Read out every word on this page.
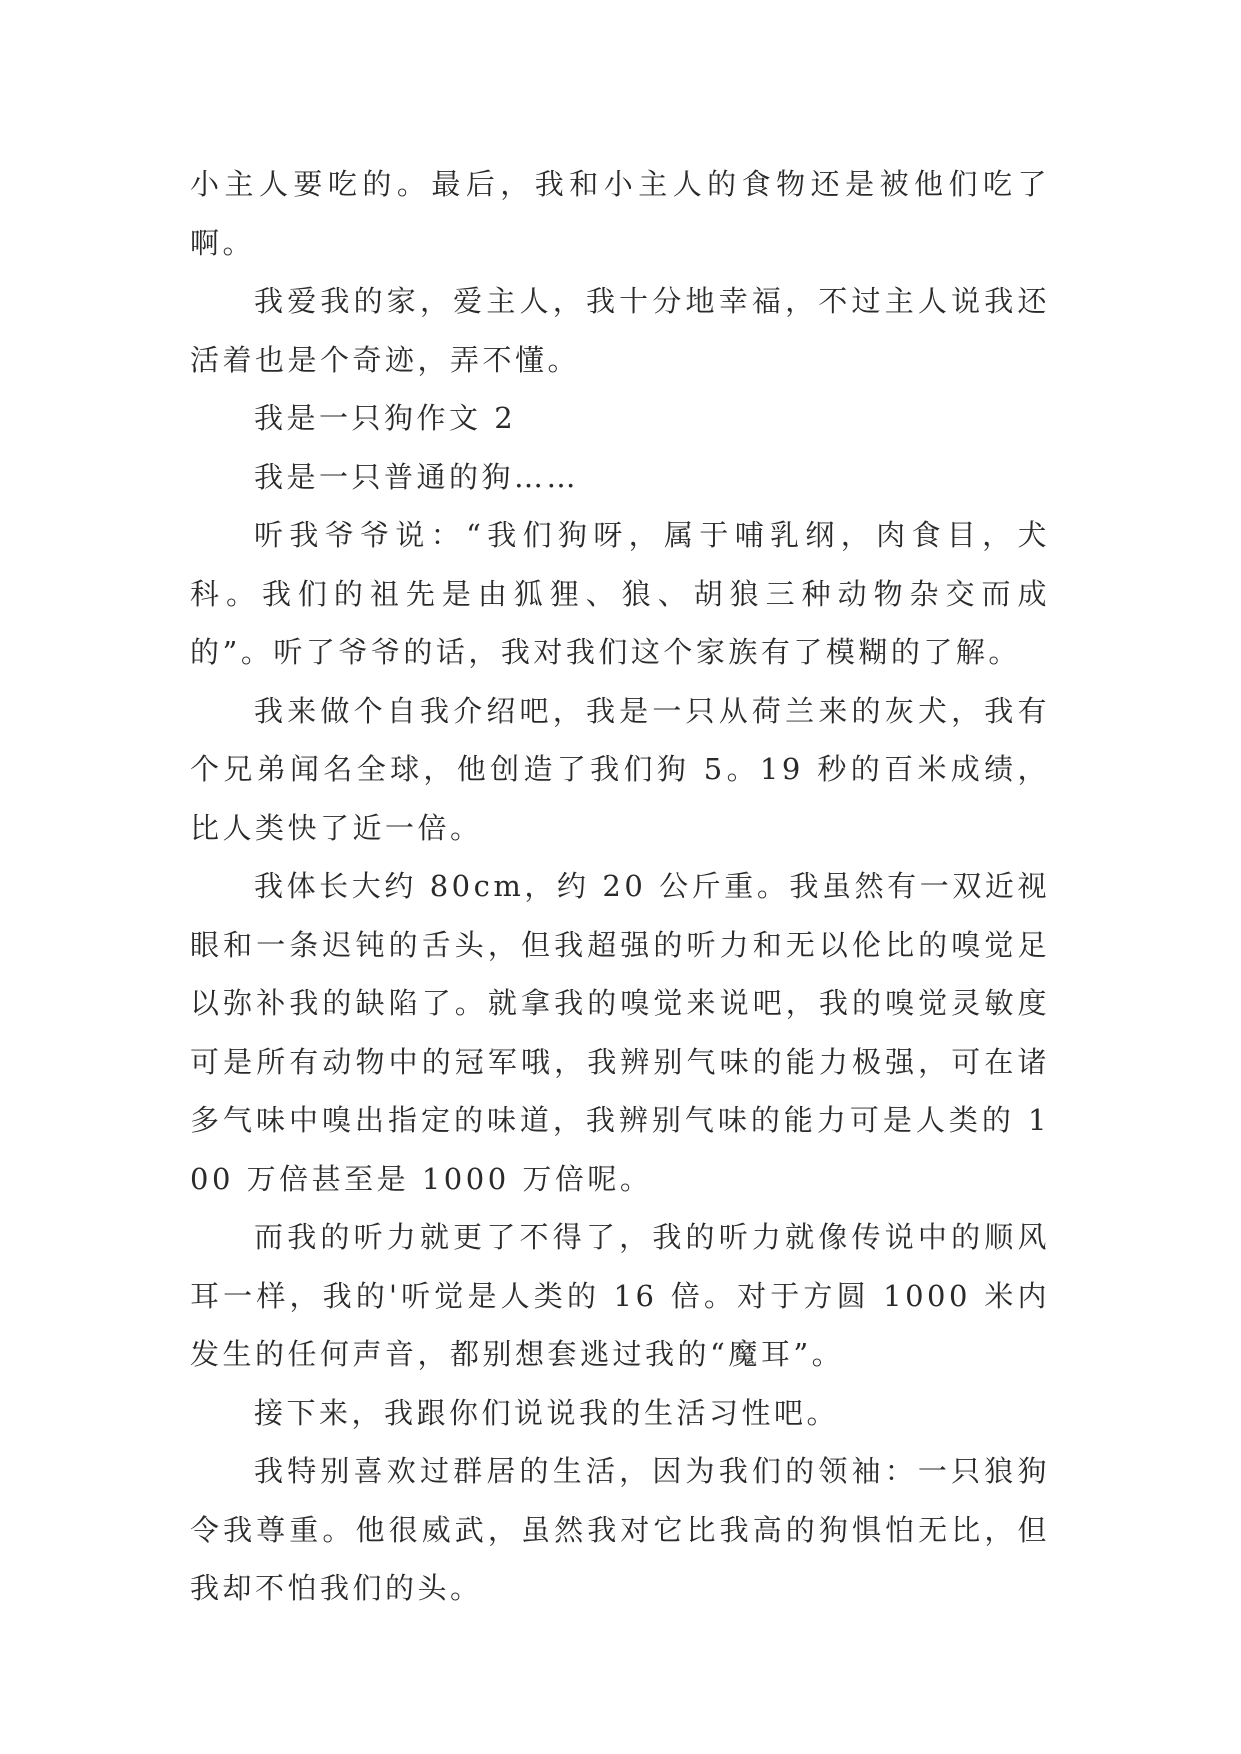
小主人要吃的。最后，我和小主人的食物还是被他们吃了啊。

我爱我的家，爱主人，我十分地幸福，不过主人说我还活着也是个奇迹，弄不懂。

我是一只狗作文 2

我是一只普通的狗……

听我爷爷说：“我们狗呀，属于哺乳纲，肉食目，犬科。我们的祖先是由狐狸、狼、胡狼三种动物杂交而成的”。听了爷爷的话，我对我们这个家族有了模糊的了解。

我来做个自我介绍吧，我是一只从荷兰来的灰犬，我有个兄弟闻名全球，他创造了我们狗 5。19 秒的百米成绩，比人类快了近一倍。

我体长大约 80cm，约 20 公斤重。我虽然有一双近视眼和一条迟钝的舌头，但我超强的听力和无以伦比的嗅觉足以弥补我的缺陷了。就拿我的嗅觉来说吧，我的嗅觉灵敏度可是所有动物中的冠军哦，我辨别气味的能力极强，可在诸多气味中嗅出指定的味道，我辨别气味的能力可是人类的 100 万倍甚至是 1000 万倍呢。

而我的听力就更了不得了，我的听力就像传说中的顺风耳一样，我的'听觉是人类的 16 倍。对于方圆 1000 米内发生的任何声音，都别想套逃过我的“魔耳”。

接下来，我跟你们说说我的生活习性吧。

我特别喜欢过群居的生活，因为我们的领袖：一只狼狗令我尊重。他很威武，虽然我对它比我高的狗惧怕无比，但我却不怕我们的头。
